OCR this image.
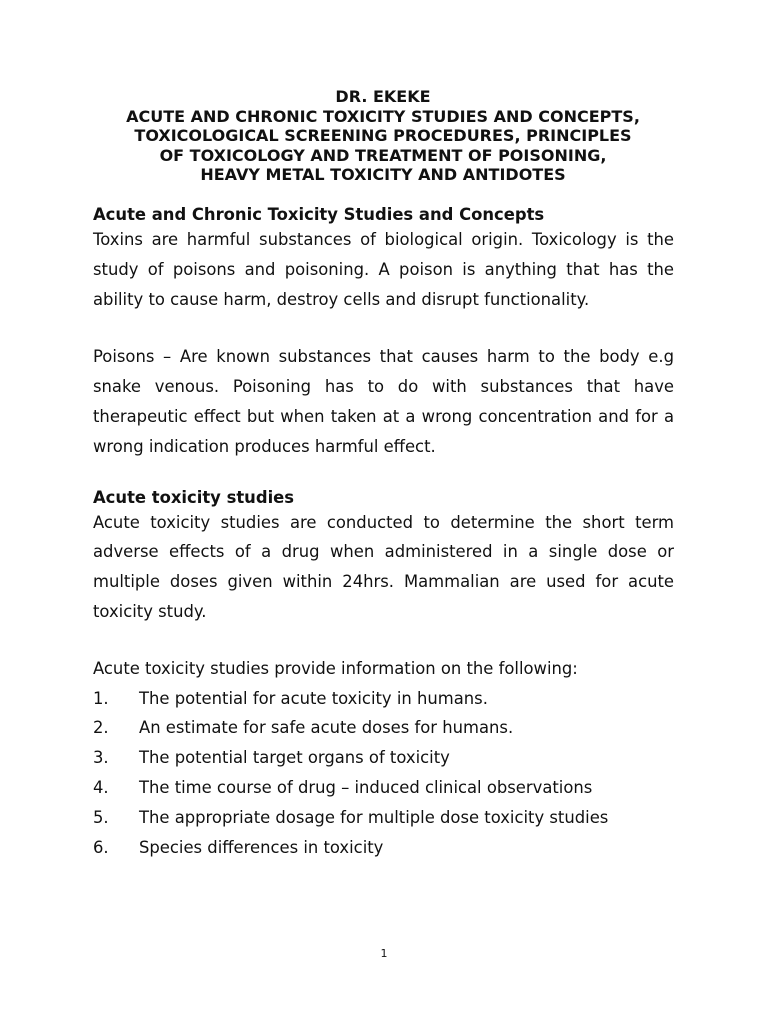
DR. EKEKE
ACUTE AND CHRONIC TOXICITY STUDIES AND CONCEPTS,
TOXICOLOGICAL SCREENING PROCEDURES, PRINCIPLES
OF TOXICOLOGY AND TREATMENT OF POISONING,
HEAVY METAL TOXICITY AND ANTIDOTES

Acute and Chronic Toxicity Studies and Concepts

Toxins are harmful substances of biological origin. Toxicology is the study of poisons and poisoning. A poison is anything that has the ability to cause harm, destroy cells and disrupt functionality.

Poisons – Are known substances that causes harm to the body e.g snake venous. Poisoning has to do with substances that have therapeutic effect but when taken at a wrong concentration and for a wrong indication produces harmful effect.

Acute toxicity studies

Acute toxicity studies are conducted to determine the short term adverse effects of a drug when administered in a single dose or multiple doses given within 24hrs. Mammalian are used for acute toxicity study.

Acute toxicity studies provide information on the following:

1.	The potential for acute toxicity in humans.
2.	An estimate for safe acute doses for humans.
3.	The potential target organs of toxicity
4.	The time course of drug – induced clinical observations
5.	The appropriate dosage for multiple dose toxicity studies
6.	Species differences in toxicity
1
